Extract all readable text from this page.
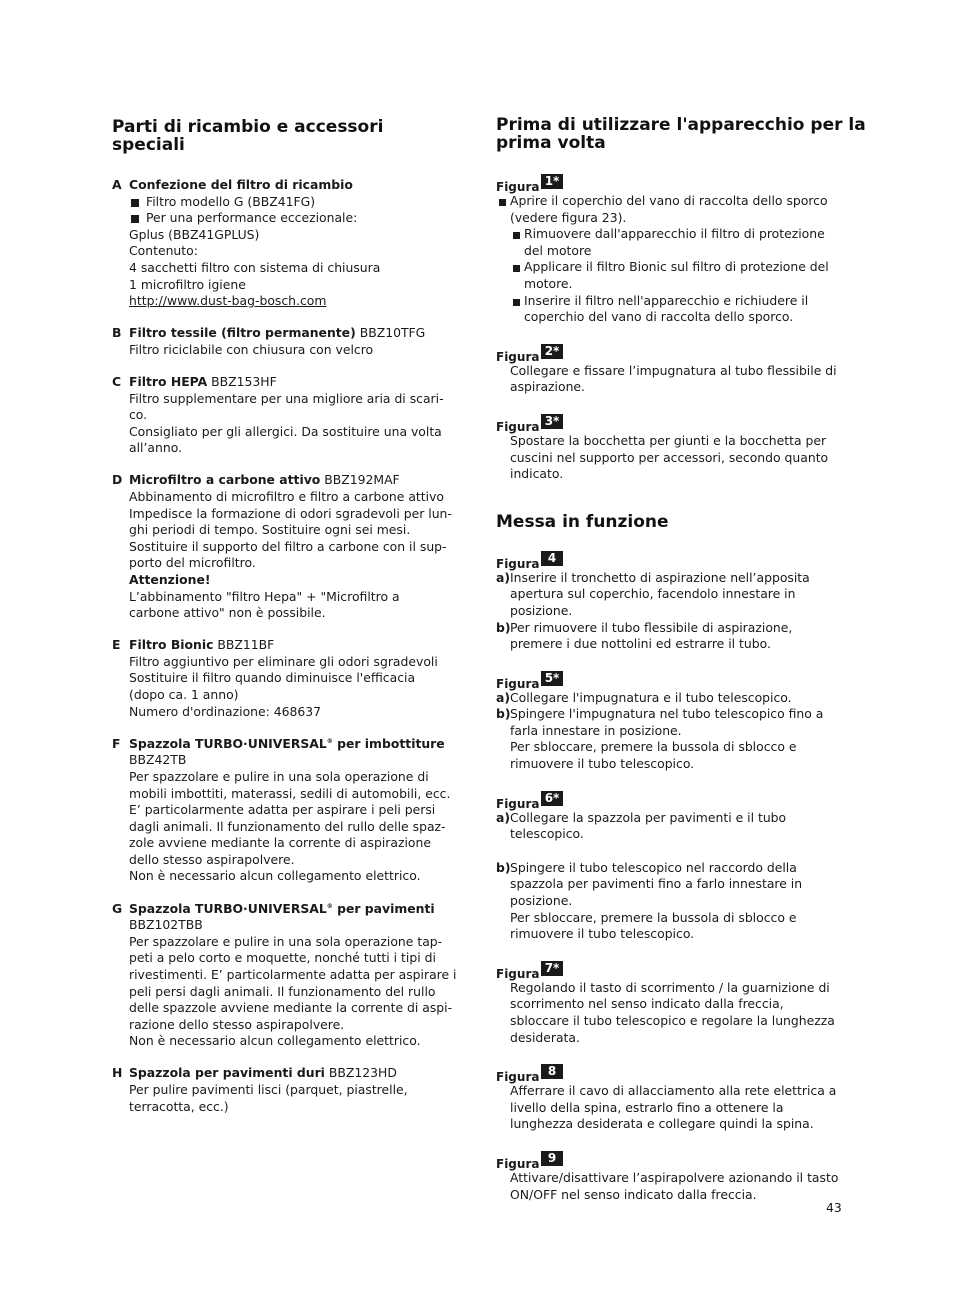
Parti di ricambio e accessori speciali
A Confezione del filtro di ricambio
Filtro modello G (BBZ41FG)
Per una performance eccezionale:
Gplus (BBZ41GPLUS)
Contenuto:
4 sacchetti filtro con sistema di chiusura
1 microfiltro igiene
http://www.dust-bag-bosch.com
B Filtro tessile (filtro permanente) BBZ10TFG
Filtro riciclabile con chiusura con velcro
C Filtro HEPA BBZ153HF
Filtro supplementare per una migliore aria di scari-
co.
Consigliato per gli allergici. Da sostituire una volta
all’anno.
D Microfiltro a carbone attivo BBZ192MAF
Abbinamento di microfiltro e filtro a carbone attivo
Impedisce la formazione di odori sgradevoli per lun-
ghi periodi di tempo. Sostituire ogni sei mesi.
Sostituire il supporto del filtro a carbone con il sup-
porto del microfiltro.
Attenzione!
L’abbinamento "filtro Hepa" + "Microfiltro a
carbone attivo" non è possibile.
E Filtro Bionic BBZ11BF
Filtro aggiuntivo per eliminare gli odori sgradevoli
Sostituire il filtro quando diminuisce l'efficacia
(dopo ca. 1 anno)
Numero d'ordinazione: 468637
F Spazzola TURBO·UNIVERSAL® per imbottiture
BBZ42TB
Per spazzolare e pulire in una sola operazione di
mobili imbottiti, materassi, sedili di automobili, ecc.
E’ particolarmente adatta per aspirare i peli persi
dagli animali. Il funzionamento del rullo delle spaz-
zole avviene mediante la corrente di aspirazione
dello stesso aspirapolvere.
Non è necessario alcun collegamento elettrico.
G Spazzola TURBO·UNIVERSAL® per pavimenti
BBZ102TBB
Per spazzolare e pulire in una sola operazione tap-
peti a pelo corto e moquette, nonché tutti i tipi di
rivestimenti. E’ particolarmente adatta per aspirare i
peli persi dagli animali. Il funzionamento del rullo
delle spazzole avviene mediante la corrente di aspi-
razione dello stesso aspirapolvere.
Non è necessario alcun collegamento elettrico.
H Spazzola per pavimenti duri BBZ123HD
Per pulire pavimenti lisci (parquet, piastrelle,
terracotta, ecc.)
Prima di utilizzare l'apparecchio per la
prima volta
Figura 1*
Aprire il coperchio del vano di raccolta dello sporco
(vedere figura 23).
Rimuovere dall'apparecchio il filtro di protezione
del motore
Applicare il filtro Bionic sul filtro di protezione del
motore.
Inserire il filtro nell'apparecchio e richiudere il
coperchio del vano di raccolta dello sporco.
Figura 2*
Collegare e fissare l’impugnatura al tubo flessibile di
aspirazione.
Figura 3*
Spostare la bocchetta per giunti e la bocchetta per
cuscini nel supporto per accessori, secondo quanto
indicato.
Messa in funzione
Figura 4
a) Inserire il tronchetto di aspirazione nell’apposita
apertura sul coperchio, facendolo innestare in
posizione.
b) Per rimuovere il tubo flessibile di aspirazione,
premere i due nottolini ed estrarre il tubo.
Figura 5*
a) Collegare l'impugnatura e il tubo telescopico.
b) Spingere l'impugnatura nel tubo telescopico fino a
farla innestare in posizione.
Per sbloccare, premere la bussola di sblocco e
rimuovere il tubo telescopico.
Figura 6*
a) Collegare la spazzola per pavimenti e il tubo
telescopico.
b) Spingere il tubo telescopico nel raccordo della
spazzola per pavimenti fino a farlo innestare in
posizione.
Per sbloccare, premere la bussola di sblocco e
rimuovere il tubo telescopico.
Figura 7*
Regolando il tasto di scorrimento / la guarnizione di
scorrimento nel senso indicato dalla freccia,
sbloccare il tubo telescopico e regolare la lunghezza
desiderata.
Figura 8
Afferrare il cavo di allacciamento alla rete elettrica a
livello della spina, estrarlo fino a ottenere la
lunghezza desiderata e collegare quindi la spina.
Figura 9
Attivare/disattivare l’aspirapolvere azionando il tasto
ON/OFF nel senso indicato dalla freccia.
43
